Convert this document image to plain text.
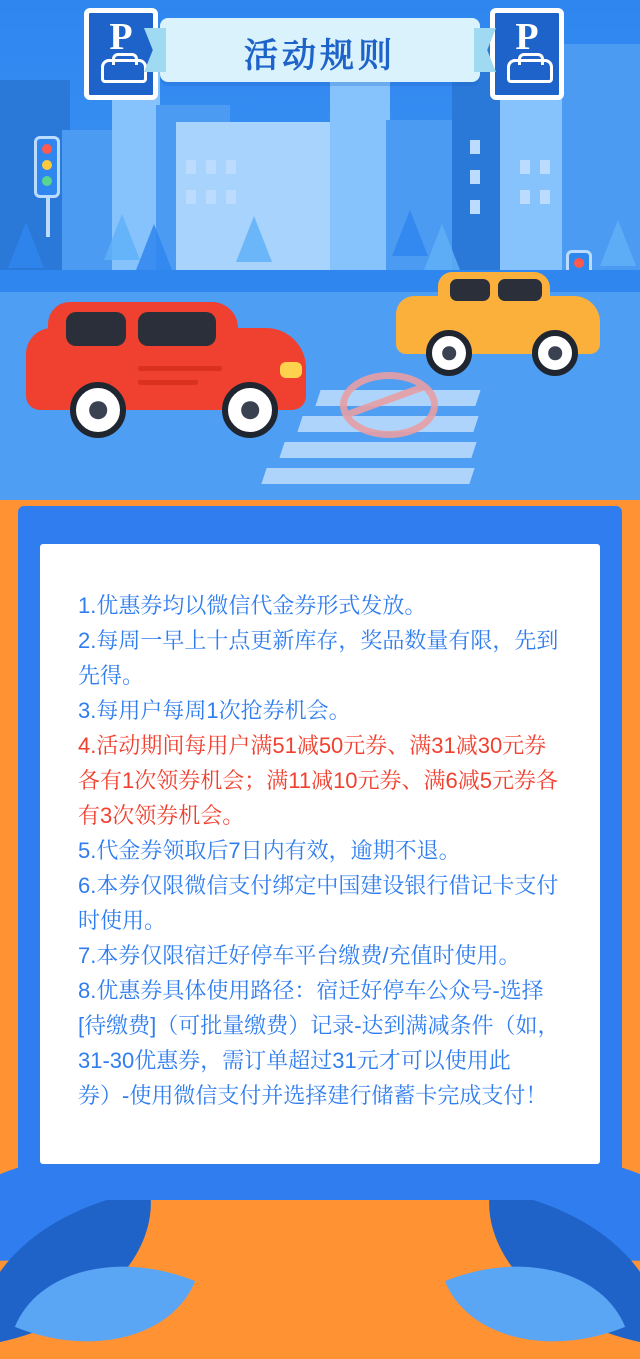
P	P
活动规则

1.优惠券均以微信代金券形式发放。

2.每周一早上十点更新库存，奖品数量有限，先到先得。

3.每用户每周1次抢券机会。

4.活动期间每用户满51减50元券、满31减30元券各有1次领券机会；满11减10元券、满6减5元券各有3次领券机会。

5.代金券领取后7日内有效，逾期不退。

6.本券仅限微信支付绑定中国建设银行借记卡支付时使用。

7.本券仅限宿迁好停车平台缴费/充值时使用。

8.优惠券具体使用路径：宿迁好停车公众号-选择[待缴费]（可批量缴费）记录-达到满减条件（如，31-30优惠券，需订单超过31元才可以使用此券）-使用微信支付并选择建行储蓄卡完成支付！
